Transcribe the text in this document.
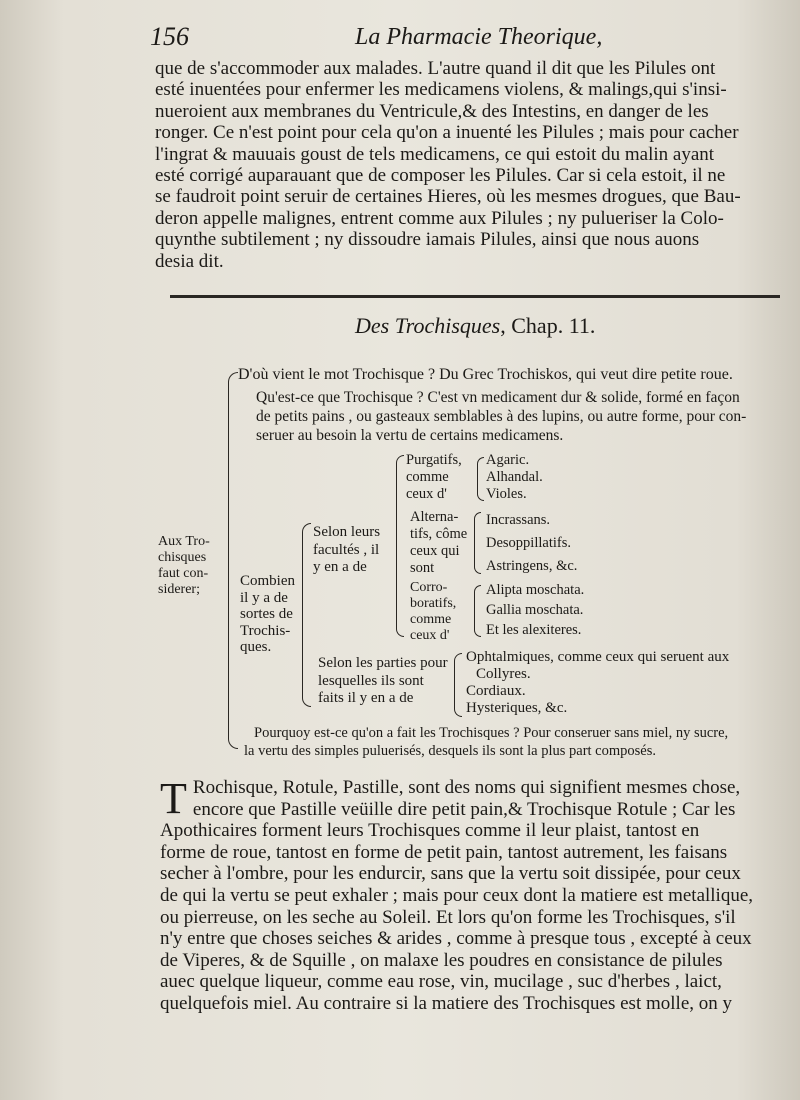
156	La Pharmacie Theorique,
que de s'accommoder aux malades. L'autre quand il dit que les Pilules ont
esté inuentées pour enfermer les medicamens violens, & malings,qui s'insi-
nueroient aux membranes du Ventricule,& des Intestins, en danger de les
ronger. Ce n'est point pour cela qu'on a inuenté les Pilules ; mais pour cacher
l'ingrat & mauuais goust de tels medicamens, ce qui estoit du malin ayant
esté corrigé auparauant que de composer les Pilules. Car si cela estoit, il ne
se faudroit point seruir de certaines Hieres, où les mesmes drogues, que Bau-
deron appelle malignes, entrent comme aux Pilules ; ny pulueriser la Colo-
quynthe subtilement ; ny dissoudre iamais Pilules, ainsi que nous auons
desia dit.
Des Trochisques, Chap. 11.
Aux Tro-
chisques
faut con-
siderer;
D'où vient le mot Trochisque ? Du Grec Trochiskos, qui veut dire petite roue.
Qu'est-ce que Trochisque ? C'est vn medicament dur & solide, formé en façon
de petits pains , ou gasteaux semblables à des lupins, ou autre forme, pour con-
seruer au besoin la vertu de certains medicamens.
Combien
il y a de
sortes de
Trochis-
ques.
Selon leurs
facultés , il
y en a de
Purgatifs,
comme
ceux d'
Agaric.
Alhandal.
Violes.
Alterna-
tifs, côme
ceux qui
sont
Incrassans.
Desoppillatifs.
Astringens, &c.
Corro-
boratifs,
comme
ceux d'
Alipta moschata.
Gallia moschata.
Et les alexiteres.
Selon les parties pour
lesquelles ils sont
faits il y en a de
Ophtalmiques, comme ceux qui seruent aux
Collyres.
Cordiaux.
Hysteriques, &c.
Pourquoy est-ce qu'on a fait les Trochisques ? Pour conseruer sans miel, ny sucre,
la vertu des simples puluerisés, desquels ils sont la plus part composés.
T Rochisque, Rotule, Pastille, sont des noms qui signifient mesmes chose,
encore que Pastille veüille dire petit pain,& Trochisque Rotule ; Car les
Apothicaires forment leurs Trochisques comme il leur plaist, tantost en
forme de roue, tantost en forme de petit pain, tantost autrement, les faisans
secher à l'ombre, pour les endurcir, sans que la vertu soit dissipée, pour ceux
de qui la vertu se peut exhaler ; mais pour ceux dont la matiere est metallique,
ou pierreuse, on les seche au Soleil. Et lors qu'on forme les Trochisques, s'il
n'y entre que choses seiches & arides , comme à presque tous , excepté à ceux
de Viperes, & de Squille , on malaxe les poudres en consistance de pilules
auec quelque liqueur, comme eau rose, vin, mucilage , suc d'herbes , laict,
quelquefois miel. Au contraire si la matiere des Trochisques est molle, on y
